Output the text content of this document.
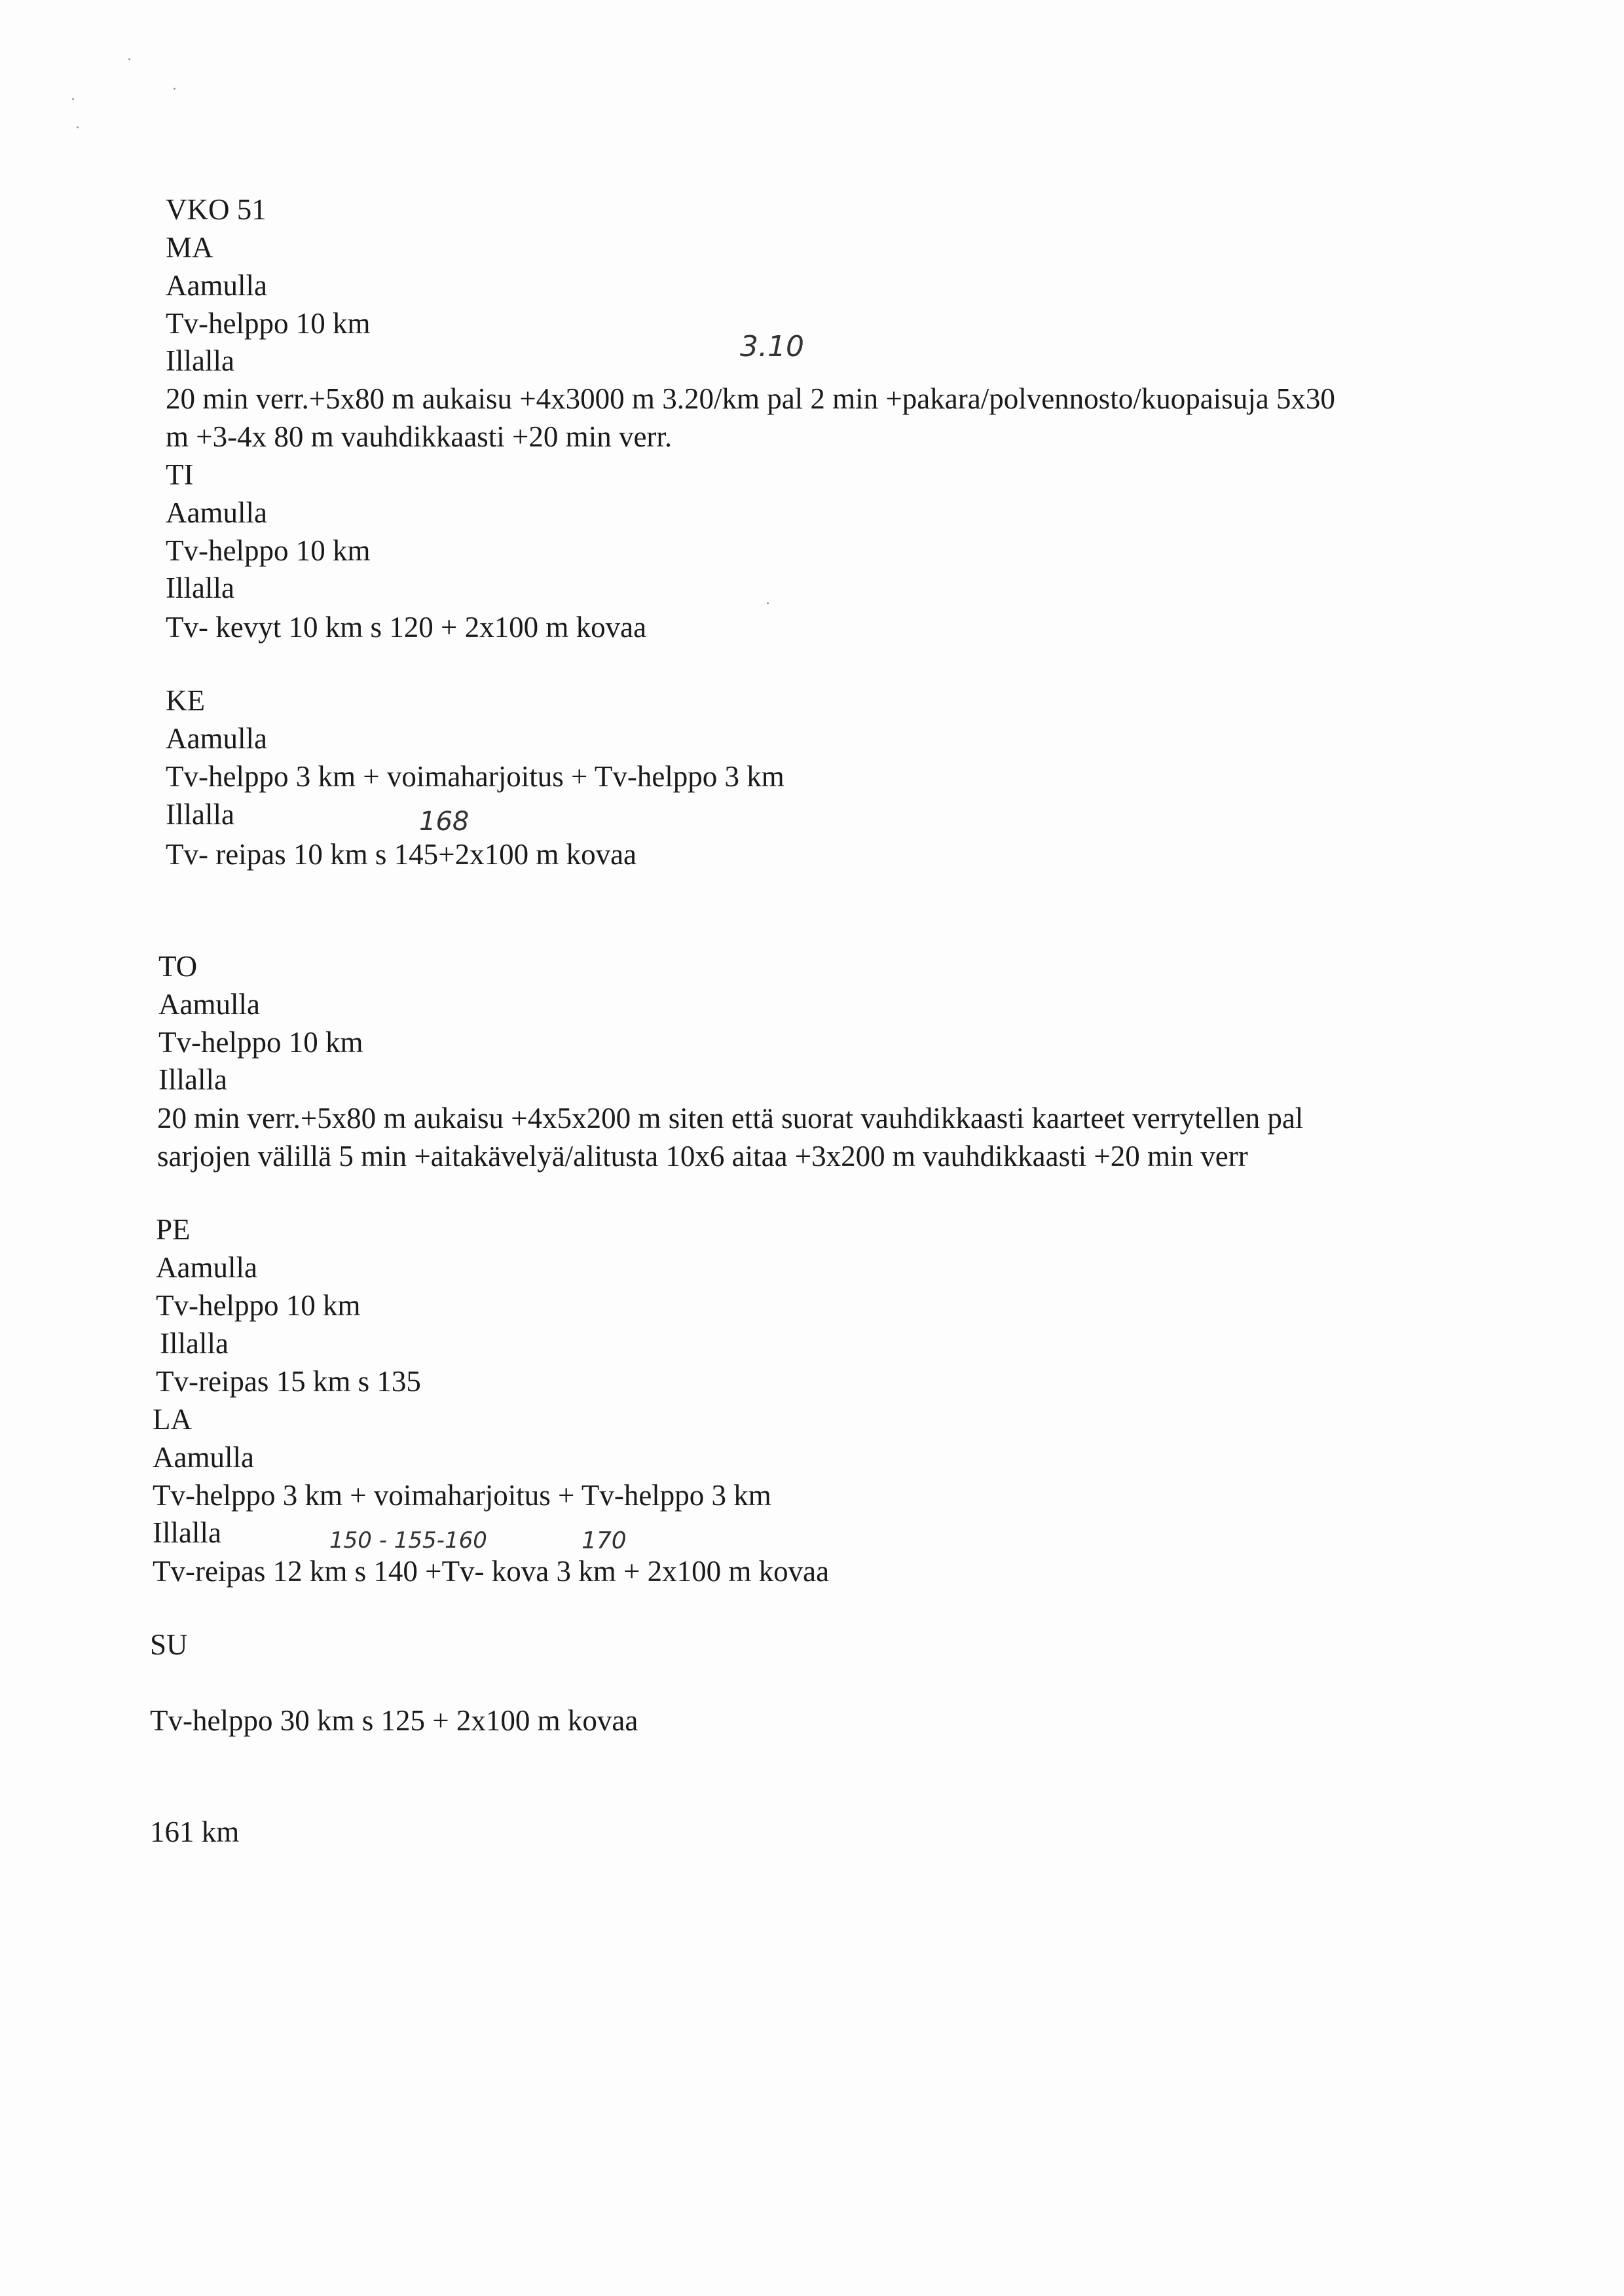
VKO 51
MA
Aamulla
Tv-helppo 10 km
Illalla	3.10
20 min verr.+5x80 m aukaisu +4x3000 m 3.20/km pal 2 min +pakara/polvennosto/kuopaisuja 5x30
m +3-4x 80 m vauhdikkaasti +20 min verr.
TI
Aamulla
Tv-helppo 10 km
Illalla
Tv- kevyt 10 km s 120 + 2x100 m kovaa
KE
Aamulla
Tv-helppo 3 km + voimaharjoitus + Tv-helppo 3 km
Illalla	168
Tv- reipas 10 km s 145+2x100 m kovaa
TO
Aamulla
Tv-helppo 10 km
Illalla
20 min verr.+5x80 m aukaisu +4x5x200 m siten että suorat vauhdikkaasti kaarteet verrytellen pal
sarjojen välillä 5 min +aitakävelyä/alitusta 10x6 aitaa +3x200 m vauhdikkaasti +20 min verr
PE
Aamulla
Tv-helppo 10 km
Illalla
Tv-reipas 15 km s 135
LA
Aamulla
Tv-helppo 3 km + voimaharjoitus + Tv-helppo 3 km
Illalla	150 - 155-160	170
Tv-reipas 12 km s 140 +Tv- kova 3 km + 2x100 m kovaa
SU
Tv-helppo 30 km s 125 + 2x100 m kovaa
161 km
